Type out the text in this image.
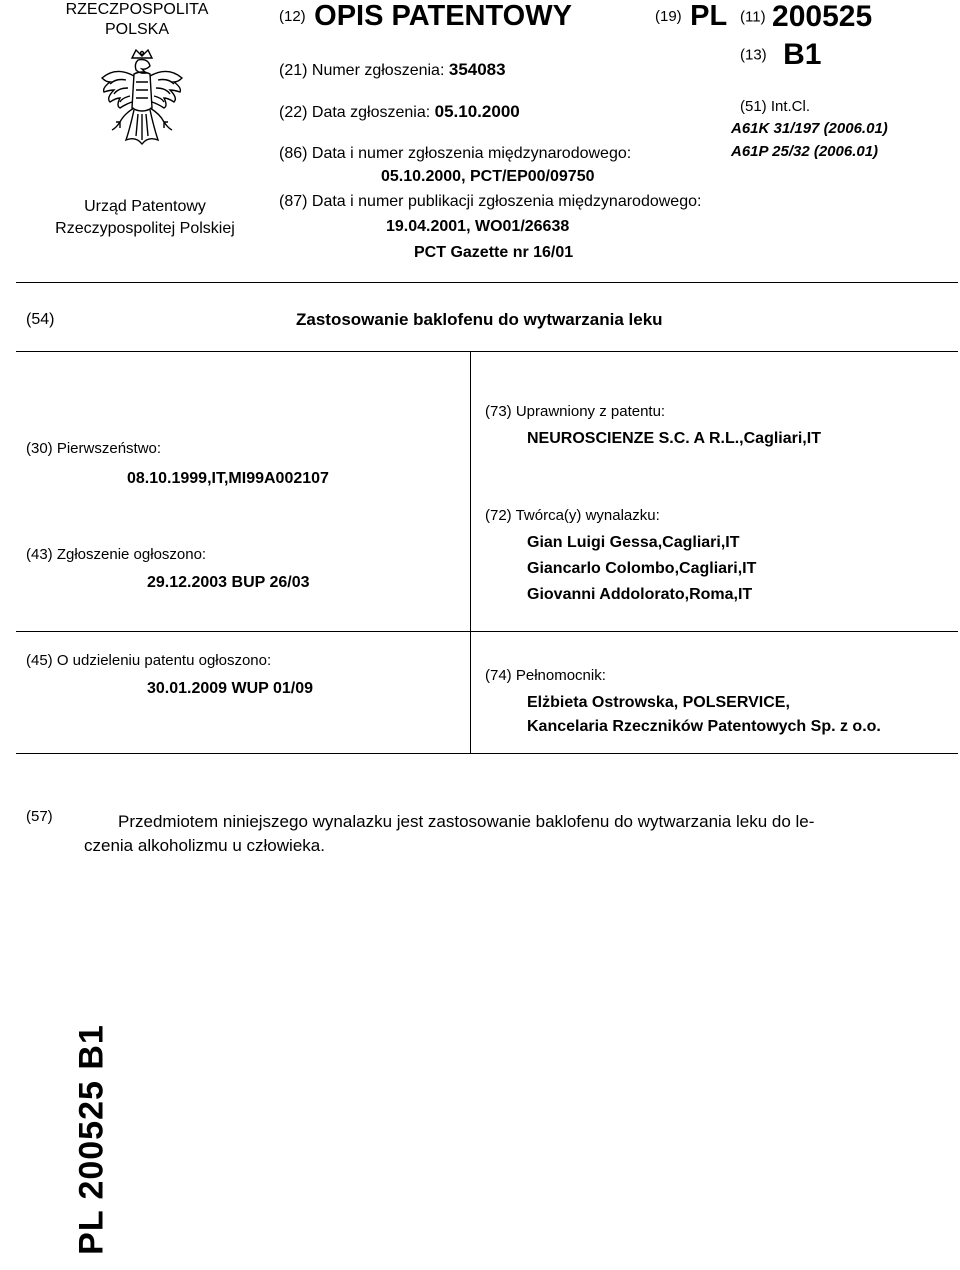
RZECZPOSPOLITA
POLSKA
Urząd Patentowy
Rzeczypospolitej Polskiej
(12) OPIS PATENTOWY	(19) PL
(21) Numer zgłoszenia: 354083
(22) Data zgłoszenia: 05.10.2000
(86) Data i numer zgłoszenia międzynarodowego:
05.10.2000, PCT/EP00/09750
(87) Data i numer publikacji zgłoszenia międzynarodowego:
19.04.2001, WO01/26638
PCT Gazette nr 16/01
(11) 200525
(13) B1
(51) Int.Cl.
A61K 31/197 (2006.01)
A61P 25/32 (2006.01)
(54)	Zastosowanie baklofenu do wytwarzania leku
(30) Pierwszeństwo:
08.10.1999,IT,MI99A002107
(43) Zgłoszenie ogłoszono:
29.12.2003 BUP 26/03
(45) O udzieleniu patentu ogłoszono:
30.01.2009 WUP 01/09
(73) Uprawniony z patentu:
NEUROSCIENZE S.C. A R.L.,Cagliari,IT
(72) Twórca(y) wynalazku:
Gian Luigi Gessa,Cagliari,IT
Giancarlo Colombo,Cagliari,IT
Giovanni Addolorato,Roma,IT
(74) Pełnomocnik:
Elżbieta Ostrowska, POLSERVICE,
Kancelaria Rzeczników Patentowych Sp. z o.o.
(57)	Przedmiotem niniejszego wynalazku jest zastosowanie baklofenu do wytwarzania leku do le-
czenia alkoholizmu u człowieka.
PL 200525 B1
